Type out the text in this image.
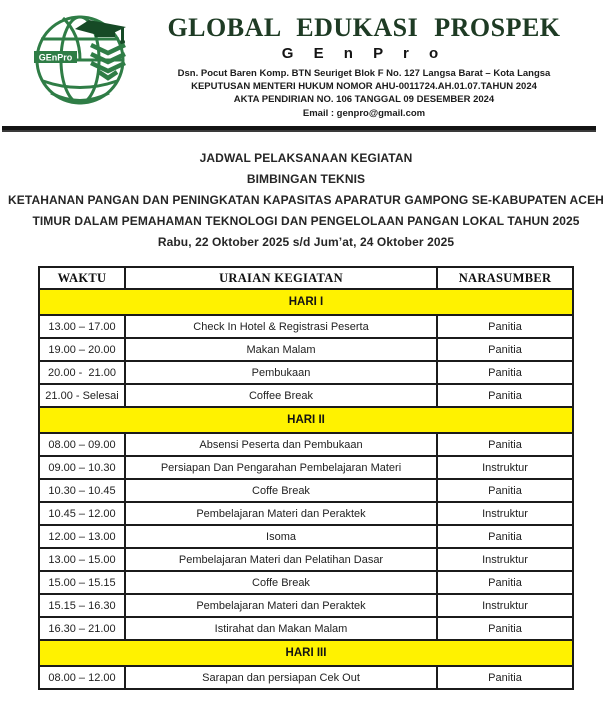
GEnPro
GLOBAL EDUKASI PROSPEK
G E n P r o
Dsn. Pocut Baren Komp. BTN Seuriget Blok F No. 127 Langsa Barat – Kota Langsa
KEPUTUSAN MENTERI HUKUM NOMOR AHU-0011724.AH.01.07.TAHUN 2024
AKTA PENDIRIAN NO. 106 TANGGAL 09 DESEMBER 2024
Email : genpro@gmail.com
JADWAL PELAKSANAAN KEGIATAN
BIMBINGAN TEKNIS
KETAHANAN PANGAN DAN PENINGKATAN KAPASITAS APARATUR GAMPONG SE-KABUPATEN ACEH
TIMUR DALAM PEMAHAMAN TEKNOLOGI DAN PENGELOLAAN PANGAN LOKAL TAHUN 2025
Rabu, 22 Oktober 2025 s/d Jum’at, 24 Oktober 2025
WAKTU	URAIAN KEGIATAN	NARASUMBER
HARI I		
13.00 – 17.00	Check In Hotel & Registrasi Peserta	Panitia
19.00 – 20.00	Makan Malam	Panitia
20.00 -  21.00	Pembukaan	Panitia
21.00 - Selesai	Coffee Break	Panitia
HARI II		
08.00 – 09.00	Absensi Peserta dan Pembukaan	Panitia
09.00 – 10.30	Persiapan Dan Pengarahan Pembelajaran Materi	Instruktur
10.30 – 10.45	Coffe Break	Panitia
10.45 – 12.00	Pembelajaran Materi dan Peraktek	Instruktur
12.00 – 13.00	Isoma	Panitia
13.00 – 15.00	Pembelajaran Materi dan Pelatihan Dasar	Instruktur
15.00 – 15.15	Coffe Break	Panitia
15.15 – 16.30	Pembelajaran Materi dan Peraktek	Instruktur
16.30 – 21.00	Istirahat dan Makan Malam	Panitia
HARI III		
08.00 – 12.00	Sarapan dan persiapan Cek Out	Panitia
